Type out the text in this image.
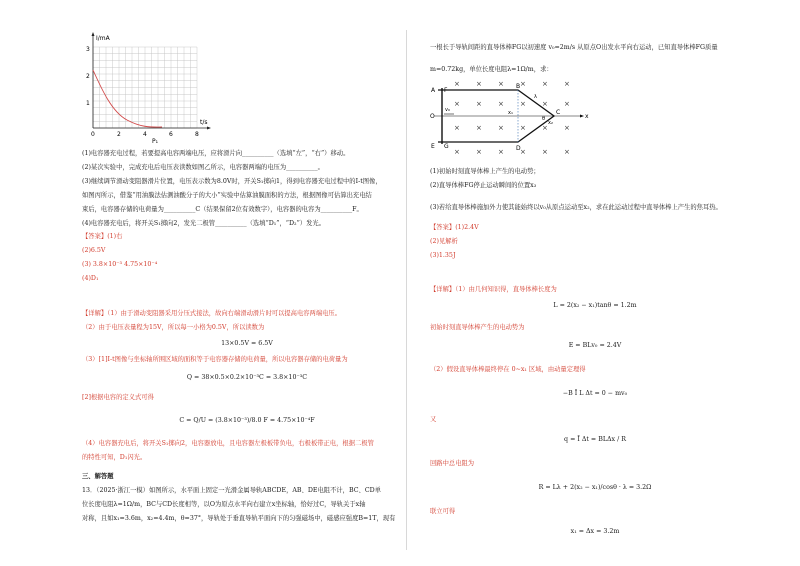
I/mA
t/s
3
2
1
0	2	4	6	8
P₁
(1)电容器充电过程，若要提高电容两端电压，应将滑片向__________（选填“左”，“右”）移动。
(2)某次实验中，完成充电后电压表读数如图乙所示，电容器两端的电压为__________。
(3)继续调节滑动变阻器滑片位置，电压表示数为8.0V时，开关S₁掷向1，得到电容器充电过程中的I-t图像，
如图丙所示，借鉴“用油膜法估测油酸分子的大小”实验中估算油膜面积的方法，根据图像可估算出充电结
束后，电容器存储的电荷量为__________C（结果保留2位有效数字），电容器的电容为__________F。
(4)电容器充电后，将开关S₁掷向2，发光二极管__________（选填“D₁”，“D₂”）发光。
【答案】(1)右
(2)6.5V
(3) 3.8×10⁻³ 4.75×10⁻⁴
(4)D₁
【详解】（1）由于滑动变阻器采用分压式接法，故向右端滑动滑片时可以提高电容两端电压。
（2）由于电压表量程为15V，所以每一小格为0.5V，所以读数为
13×0.5V = 6.5V
（3）[1]I-t图像与坐标轴所围区域的面积等于电容器存储的电荷量，所以电容器存储的电荷量为
Q = 38×0.5×0.2×10⁻³C = 3.8×10⁻³C
[2]根据电容的定义式可得
C = Q/U = (3.8×10⁻³)/8.0 F = 4.75×10⁻⁴F
（4）电容器充电后，将开关S₁掷向2，电容器放电，且电容器左极板带负电，右极板带正电，根据二极管
的特性可知，D₁闪光。
三、解答题
13．（2025·浙江一模）如图所示，水平面上固定一光滑金属导轨ABCDE，AB、DE电阻不计，BC、CD单
位长度电阻λ=1Ω/m，BC与CD长度相等，以O为原点水平向右建立x坐标轴，恰好过C，导轨关于x轴
对称，且如x₁=3.6m，x₂=4.4m，θ=37°，导轨处于垂直导轨平面向下的匀强磁场中，磁感应强度B=1T，现有
一根长于导轨间距的直导体棒FG以初速度 v₀=2m/s 从原点O出发水平向右运动，已知直导体棒FG质量
m=0.72kg，单位长度电阻λ=1Ω/m，求：
× × × × × ×
× × × × × ×
× × × × × ×
× × × × × ×
A F
O
E G
B
C
D
x
x₁
x₂
v₀
λ
θ
(1)初始时刻直导体棒上产生的电动势；
(2)直导体棒FG停止运动瞬间的位置x₃
(3)若给直导体棒施加外力使其能始终以v₀从原点运动至x₂，求在此运动过程中直导体棒上产生的焦耳热。
【答案】(1)2.4V
(2)见解析
(3)1.35J
【详解】（1）由几何知识得，直导体棒长度为
L = 2(x₂ − x₁)tanθ = 1.2m
初始时刻直导体棒产生的电动势为
E = BLv₀ = 2.4V
（2）假设直导体棒最终停在 0~x₁ 区域，由动量定理得
−B Ī L Δt = 0 − mv₀
又
q = Ī Δt = BLΔx / R
回路中总电阻为
R = Lλ + 2(x₂ − x₁)/cosθ · λ = 3.2Ω
联立可得
x₁ = Δx = 3.2m
